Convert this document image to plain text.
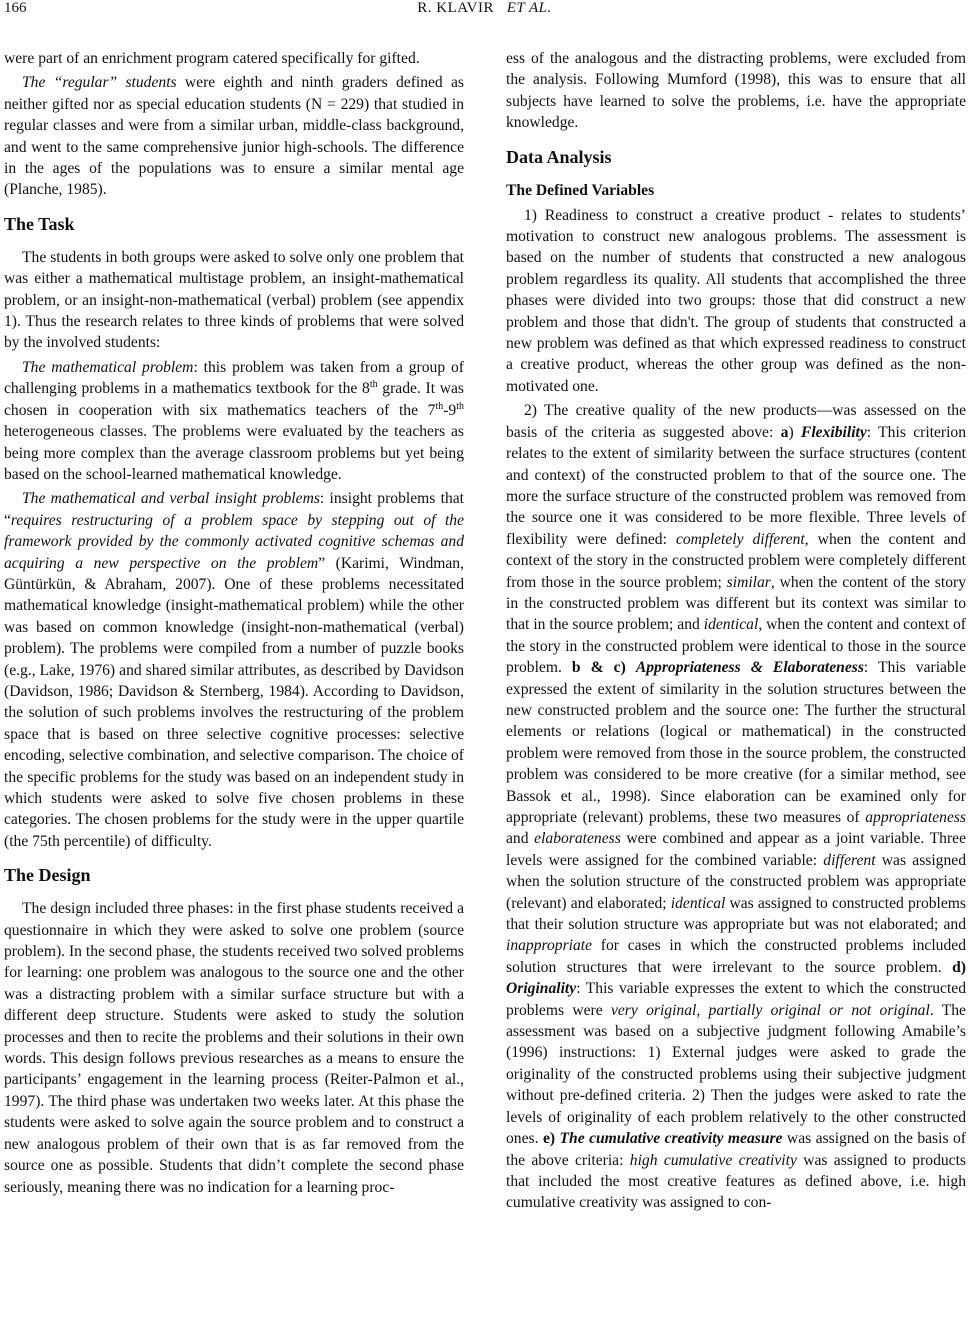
166	R. KLAVIR ET AL.

were part of an enrichment program catered specifically for gifted.

The “regular” students were eighth and ninth graders defined as neither gifted nor as special education students (N = 229) that studied in regular classes and were from a similar urban, middle-class background, and went to the same comprehensive junior high-schools. The difference in the ages of the populations was to ensure a similar mental age (Planche, 1985).

The Task

The students in both groups were asked to solve only one problem that was either a mathematical multistage problem, an insight-mathematical problem, or an insight-non-mathematical (verbal) problem (see appendix 1). Thus the research relates to three kinds of problems that were solved by the involved students:

The mathematical problem: this problem was taken from a group of challenging problems in a mathematics textbook for the 8th grade. It was chosen in cooperation with six mathematics teachers of the 7th-9th heterogeneous classes. The problems were evaluated by the teachers as being more complex than the average classroom problems but yet being based on the school-learned mathematical knowledge.

The mathematical and verbal insight problems: insight problems that “requires restructuring of a problem space by stepping out of the framework provided by the commonly activated cognitive schemas and acquiring a new perspective on the problem” (Karimi, Windman, Güntürkün, & Abraham, 2007). One of these problems necessitated mathematical knowledge (insight-mathematical problem) while the other was based on common knowledge (insight-non-mathematical (verbal) problem). The problems were compiled from a number of puzzle books (e.g., Lake, 1976) and shared similar attributes, as described by Davidson (Davidson, 1986; Davidson & Sternberg, 1984). According to Davidson, the solution of such problems involves the restructuring of the problem space that is based on three selective cognitive processes: selective encoding, selective combination, and selective comparison. The choice of the specific problems for the study was based on an independent study in which students were asked to solve five chosen problems in these categories. The chosen problems for the study were in the upper quartile (the 75th percentile) of difficulty.

The Design

The design included three phases: in the first phase students received a questionnaire in which they were asked to solve one problem (source problem). In the second phase, the students received two solved problems for learning: one problem was analogous to the source one and the other was a distracting problem with a similar surface structure but with a different deep structure. Students were asked to study the solution processes and then to recite the problems and their solutions in their own words. This design follows previous researches as a means to ensure the participants’ engagement in the learning process (Reiter-Palmon et al., 1997). The third phase was undertaken two weeks later. At this phase the students were asked to solve again the source problem and to construct a new analogous problem of their own that is as far removed from the source one as possible. Students that didn’t complete the second phase seriously, meaning there was no indication for a learning proc-

ess of the analogous and the distracting problems, were excluded from the analysis. Following Mumford (1998), this was to ensure that all subjects have learned to solve the problems, i.e. have the appropriate knowledge.

Data Analysis
The Defined Variables

1) Readiness to construct a creative product - relates to students’ motivation to construct new analogous problems. The assessment is based on the number of students that constructed a new analogous problem regardless its quality. All students that accomplished the three phases were divided into two groups: those that did construct a new problem and those that didn't. The group of students that constructed a new problem was defined as that which expressed readiness to construct a creative product, whereas the other group was defined as the non-motivated one.

2) The creative quality of the new products—was assessed on the basis of the criteria as suggested above: a) Flexibility: This criterion relates to the extent of similarity between the surface structures (content and context) of the constructed problem to that of the source one. The more the surface structure of the constructed problem was removed from the source one it was considered to be more flexible. Three levels of flexibility were defined: completely different, when the content and context of the story in the constructed problem were completely different from those in the source problem; similar, when the content of the story in the constructed problem was different but its context was similar to that in the source problem; and identical, when the content and context of the story in the constructed problem were identical to those in the source problem. b & c) Appropriateness & Elaborateness: This variable expressed the extent of similarity in the solution structures between the new constructed problem and the source one: The further the structural elements or relations (logical or mathematical) in the constructed problem were removed from those in the source problem, the constructed problem was considered to be more creative (for a similar method, see Bassok et al., 1998). Since elaboration can be examined only for appropriate (relevant) problems, these two measures of appropriateness and elaborateness were combined and appear as a joint variable. Three levels were assigned for the combined variable: different was assigned when the solution structure of the constructed problem was appropriate (relevant) and elaborated; identical was assigned to constructed problems that their solution structure was appropriate but was not elaborated; and inappropriate for cases in which the constructed problems included solution structures that were irrelevant to the source problem. d) Originality: This variable expresses the extent to which the constructed problems were very original, partially original or not original. The assessment was based on a subjective judgment following Amabile’s (1996) instructions: 1) External judges were asked to grade the originality of the constructed problems using their subjective judgment without pre-defined criteria. 2) Then the judges were asked to rate the levels of originality of each problem relatively to the other constructed ones. e) The cumulative creativity measure was assigned on the basis of the above criteria: high cumulative creativity was assigned to products that included the most creative features as defined above, i.e. high cumulative creativity was assigned to con-
